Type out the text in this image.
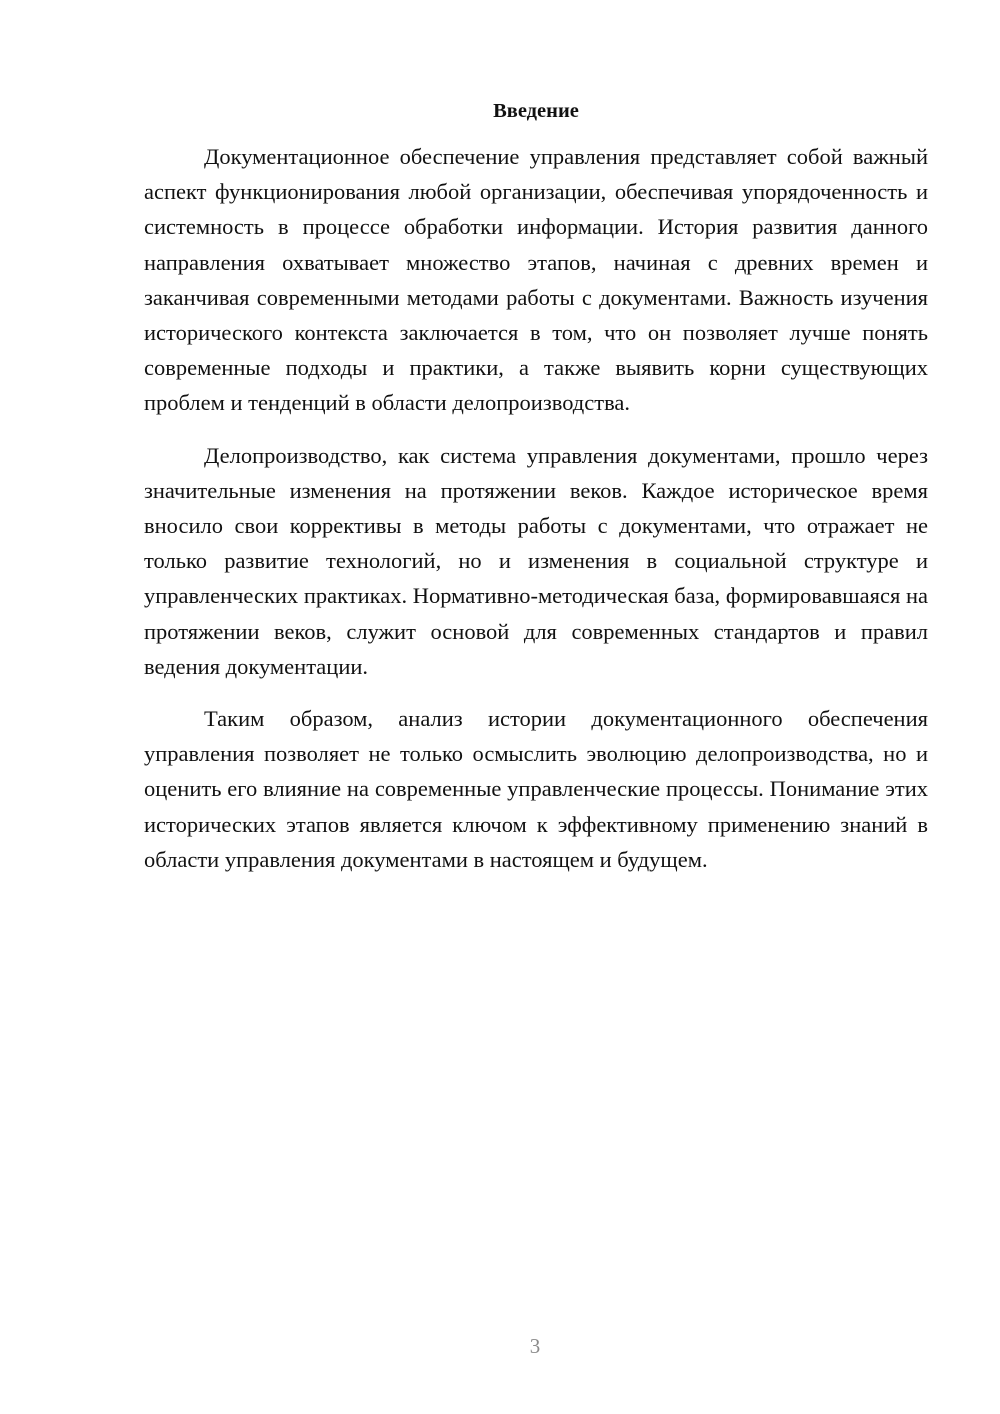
Введение

Документационное обеспечение управления представляет собой важный аспект функционирования любой организации, обеспечивая упорядоченность и системность в процессе обработки информации. История развития данного направления охватывает множество этапов, начиная с древних времен и заканчивая современными методами работы с документами. Важность изучения исторического контекста заключается в том, что он позволяет лучше понять современные подходы и практики, а также выявить корни существующих проблем и тенденций в области делопроизводства.

Делопроизводство, как система управления документами, прошло через значительные изменения на протяжении веков. Каждое историческое время вносило свои коррективы в методы работы с документами, что отражает не только развитие технологий, но и изменения в социальной структуре и управленческих практиках. Нормативно-методическая база, формировавшаяся на протяжении веков, служит основой для современных стандартов и правил ведения документации.

Таким образом, анализ истории документационного обеспечения управления позволяет не только осмыслить эволюцию делопроизводства, но и оценить его влияние на современные управленческие процессы. Понимание этих исторических этапов является ключом к эффективному применению знаний в области управления документами в настоящем и будущем.

3
